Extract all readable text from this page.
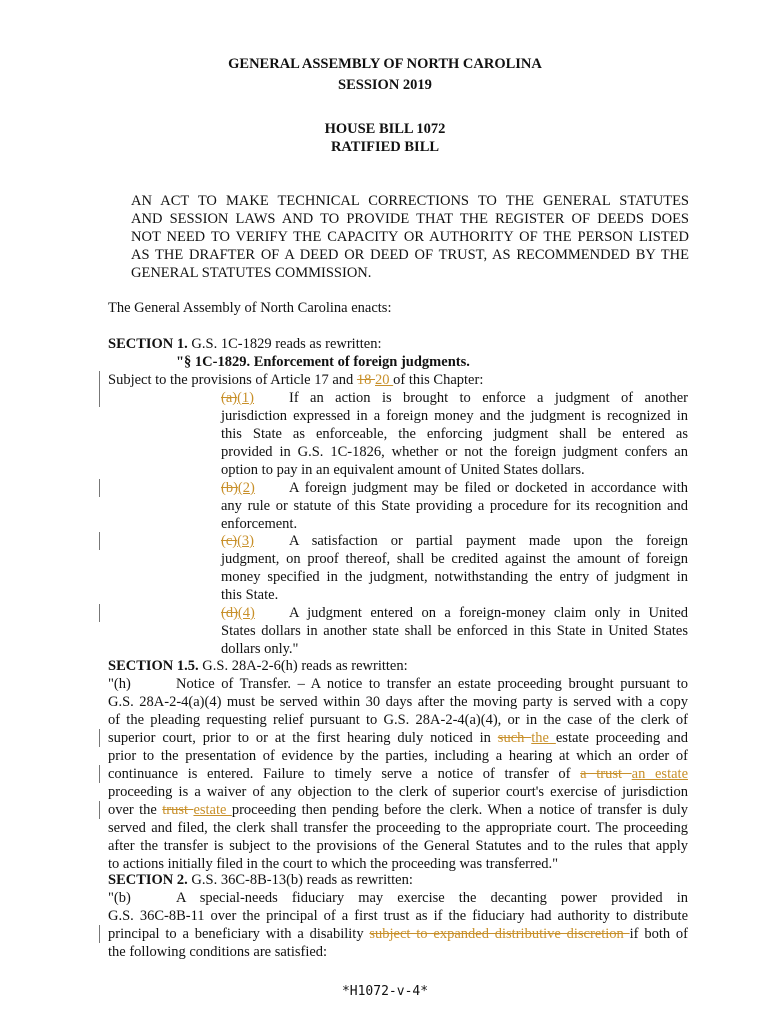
GENERAL ASSEMBLY OF NORTH CAROLINA
SESSION 2019
HOUSE BILL 1072
RATIFIED BILL
AN ACT TO MAKE TECHNICAL CORRECTIONS TO THE GENERAL STATUTES
AND SESSION LAWS AND TO PROVIDE THAT THE REGISTER OF DEEDS DOES
NOT NEED TO VERIFY THE CAPACITY OR AUTHORITY OF THE PERSON LISTED
AS THE DRAFTER OF A DEED OR DEED OF TRUST, AS RECOMMENDED BY THE
GENERAL STATUTES COMMISSION.
The General Assembly of North Carolina enacts:
SECTION 1. G.S. 1C-1829 reads as rewritten:
"§ 1C-1829. Enforcement of foreign judgments.
Subject to the provisions of Article 17 and 18 20 of this Chapter:
(a)(1) If an action is brought to enforce a judgment of another
jurisdiction expressed in a foreign money and the judgment is recognized in
this State as enforceable, the enforcing judgment shall be entered as
provided in G.S. 1C-1826, whether or not the foreign judgment confers an
option to pay in an equivalent amount of United States dollars.
(b)(2) A foreign judgment may be filed or docketed in accordance with
any rule or statute of this State providing a procedure for its recognition and
enforcement.
(c)(3) A satisfaction or partial payment made upon the foreign
judgment, on proof thereof, shall be credited against the amount of foreign
money specified in the judgment, notwithstanding the entry of judgment in
this State.
(d)(4) A judgment entered on a foreign-money claim only in United
States dollars in another state shall be enforced in this State in United States
dollars only."
SECTION 1.5. G.S. 28A-2-6(h) reads as rewritten:
"(h)	Notice of Transfer. – A notice to transfer an estate proceeding brought pursuant to
G.S. 28A-2-4(a)(4) must be served within 30 days after the moving party is served with a copy
of the pleading requesting relief pursuant to G.S. 28A-2-4(a)(4), or in the case of the clerk of
superior court, prior to or at the first hearing duly noticed in such the estate proceeding and
prior to the presentation of evidence by the parties, including a hearing at which an order of
continuance is entered. Failure to timely serve a notice of transfer of a trust an estate
proceeding is a waiver of any objection to the clerk of superior court's exercise of jurisdiction
over the trust estate proceeding then pending before the clerk. When a notice of transfer is duly
served and filed, the clerk shall transfer the proceeding to the appropriate court. The proceeding
after the transfer is subject to the provisions of the General Statutes and to the rules that apply
to actions initially filed in the court to which the proceeding was transferred."
SECTION 2. G.S. 36C-8B-13(b) reads as rewritten:
"(b)	A special-needs fiduciary may exercise the decanting power provided in
G.S. 36C-8B-11 over the principal of a first trust as if the fiduciary had authority to distribute
principal to a beneficiary with a disability subject to expanded distributive discretion if both of
the following conditions are satisfied:
*H1072-v-4*
